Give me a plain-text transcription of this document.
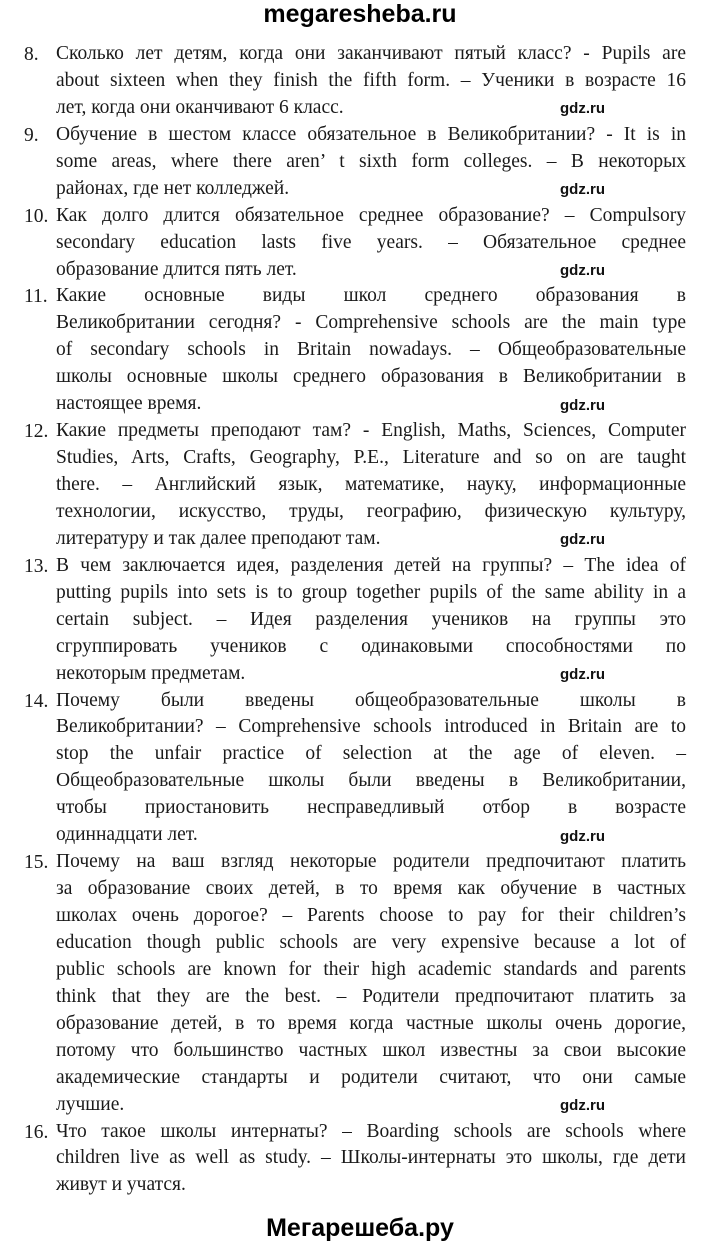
megaresheba.ru
8. Сколько лет детям, когда они заканчивают пятый класс? - Pupils are
about sixteen when they finish the fifth form. – Ученики в возрасте 16
лет, когда они оканчивают 6 класс.
9. Обучение в шестом классе обязательное в Великобритании? - It is in
some areas, where there aren’ t sixth form colleges. – В некоторых
районах, где нет колледжей.
10. Как долго длится обязательное среднее образование? – Compulsory
secondary education lasts five years. – Обязательное среднее
образование длится пять лет.
11. Какие основные виды школ среднего образования в
Великобритании сегодня? - Comprehensive schools are the main type
of secondary schools in Britain nowadays. – Общеобразовательные
школы основные школы среднего образования в Великобритании в
настоящее время.
12. Какие предметы преподают там? - English, Maths, Sciences, Computer
Studies, Arts, Crafts, Geography, P.E., Literature and so on are taught
there. – Английский язык, математике, науку, информационные
технологии, искусство, труды, географию, физическую культуру,
литературу и так далее преподают там.
13. В чем заключается идея, разделения детей на группы? – The idea of
putting pupils into sets is to group together pupils of the same ability in a
certain subject. – Идея разделения учеников на группы это
сгруппировать учеников с одинаковыми способностями по
некоторым предметам.
14. Почему были введены общеобразовательные школы в
Великобритании? – Comprehensive schools introduced in Britain are to
stop the unfair practice of selection at the age of eleven. –
Общеобразовательные школы были введены в Великобритании,
чтобы приостановить несправедливый отбор в возрасте
одиннадцати лет.
15. Почему на ваш взгляд некоторые родители предпочитают платить
за образование своих детей, в то время как обучение в частных
школах очень дорогое? – Parents choose to pay for their children’s
education though public schools are very expensive because a lot of
public schools are known for their high academic standards and parents
think that they are the best. – Родители предпочитают платить за
образование детей, в то время когда частные школы очень дорогие,
потому что большинство частных школ известны за свои высокие
академические стандарты и родители считают, что они самые
лучшие.
16. Что такое школы интернаты? – Boarding schools are schools where
children live as well as study. – Школы-интернаты это школы, где дети
живут и учатся.
gdz.ru
gdz.ru
gdz.ru
gdz.ru
gdz.ru
gdz.ru
gdz.ru
gdz.ru
Мегарешеба.ру
